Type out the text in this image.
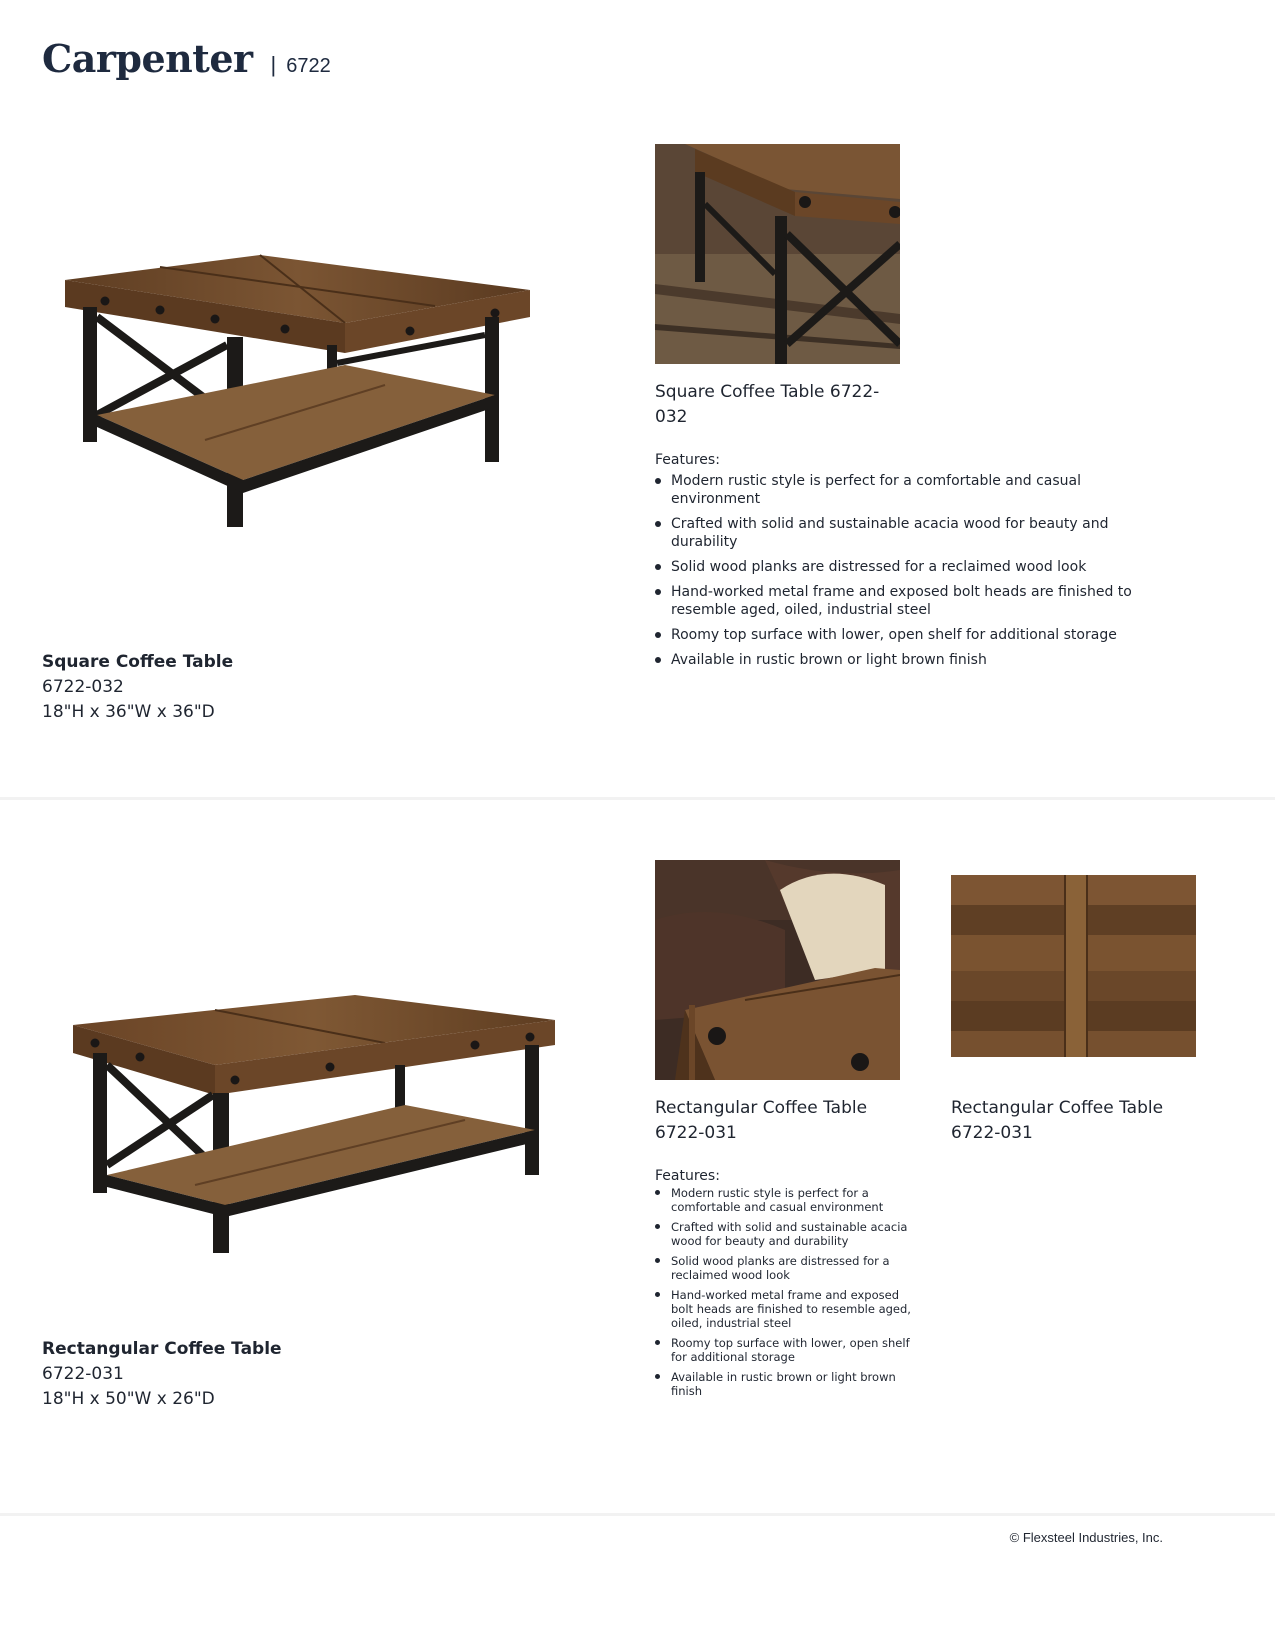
Carpenter | 6722
Square Coffee Table
6722-032
18"H x 36"W x 36"D
Square Coffee Table 6722-
032
Features:
Modern rustic style is perfect for a comfortable and casual environment
Crafted with solid and sustainable acacia wood for beauty and durability
Solid wood planks are distressed for a reclaimed wood look
Hand-worked metal frame and exposed bolt heads are finished to resemble aged, oiled, industrial steel
Roomy top surface with lower, open shelf for additional storage
Available in rustic brown or light brown finish
Rectangular Coffee Table
6722-031
18"H x 50"W x 26"D
Rectangular Coffee Table
6722-031
Rectangular Coffee Table
6722-031
Features:
Modern rustic style is perfect for a comfortable and casual environment
Crafted with solid and sustainable acacia wood for beauty and durability
Solid wood planks are distressed for a reclaimed wood look
Hand-worked metal frame and exposed bolt heads are finished to resemble aged, oiled, industrial steel
Roomy top surface with lower, open shelf for additional storage
Available in rustic brown or light brown finish
© Flexsteel Industries, Inc.
